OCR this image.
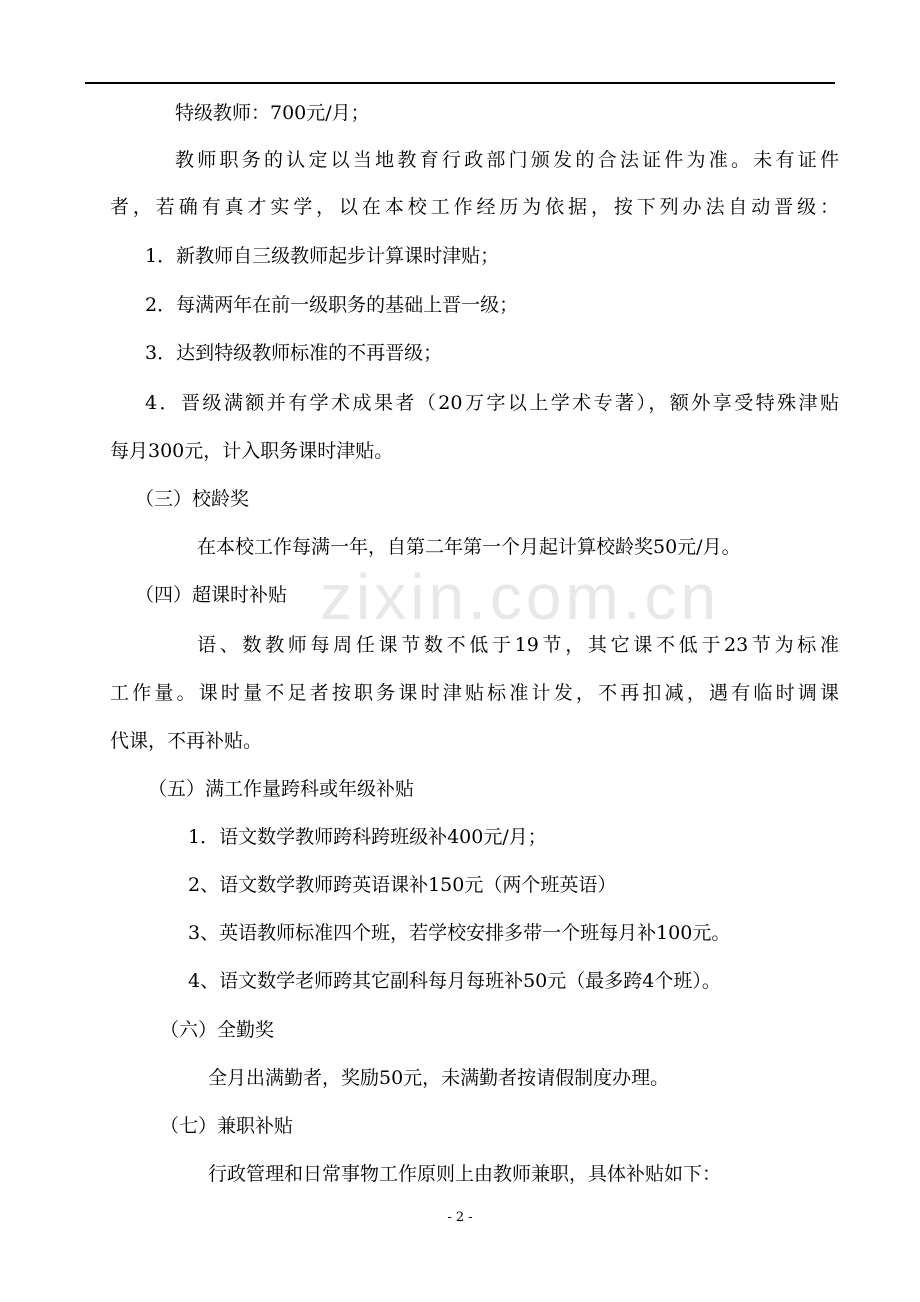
zixin.com.cn
特级教师：700元/月；
教师职务的认定以当地教育行政部门颁发的合法证件为准。未有证件
者，若确有真才实学，以在本校工作经历为依据，按下列办法自动晋级：
1．新教师自三级教师起步计算课时津贴；
2．每满两年在前一级职务的基础上晋一级；
3．达到特级教师标准的不再晋级；
4．晋级满额并有学术成果者（20万字以上学术专著），额外享受特殊津贴
每月300元，计入职务课时津贴。
（三）校龄奖
在本校工作每满一年，自第二年第一个月起计算校龄奖50元/月。
（四）超课时补贴
语、数教师每周任课节数不低于19节，其它课不低于23节为标准
工作量。课时量不足者按职务课时津贴标准计发，不再扣减，遇有临时调课
代课，不再补贴。
（五）满工作量跨科或年级补贴
1．语文数学教师跨科跨班级补400元/月；
2、语文数学教师跨英语课补150元（两个班英语）
3、英语教师标准四个班，若学校安排多带一个班每月补100元。
4、语文数学老师跨其它副科每月每班补50元（最多跨4个班）。
（六）全勤奖
全月出满勤者，奖励50元，未满勤者按请假制度办理。
（七）兼职补贴
行政管理和日常事物工作原则上由教师兼职，具体补贴如下：
- 2 -
